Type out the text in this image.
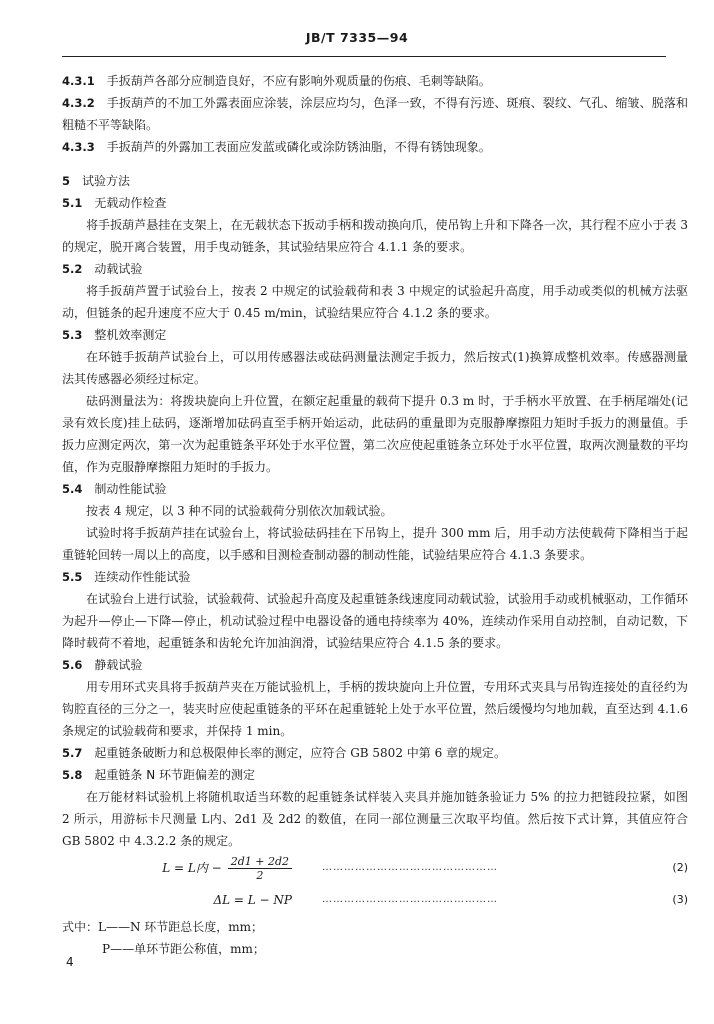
JB/T 7335—94

4.3.1 手扳葫芦各部分应制造良好，不应有影响外观质量的伤痕、毛刺等缺陷。

4.3.2 手扳葫芦的不加工外露表面应涂装，涂层应均匀，色泽一致，不得有污迹、斑痕、裂纹、气孔、缩皱、脱落和粗糙不平等缺陷。

4.3.3 手扳葫芦的外露加工表面应发蓝或磷化或涂防锈油脂，不得有锈蚀现象。

5 试验方法

5.1 无载动作检查

将手扳葫芦悬挂在支架上，在无载状态下扳动手柄和拨动换向爪，使吊钩上升和下降各一次，其行程不应小于表 3 的规定，脱开离合装置，用手曳动链条，其试验结果应符合 4.1.1 条的要求。

5.2 动载试验

将手扳葫芦置于试验台上，按表 2 中规定的试验载荷和表 3 中规定的试验起升高度，用手动或类似的机械方法驱动，但链条的起升速度不应大于 0.45 m/min，试验结果应符合 4.1.2 条的要求。

5.3 整机效率测定

在环链手扳葫芦试验台上，可以用传感器法或砝码测量法测定手扳力，然后按式(1)换算成整机效率。传感器测量法其传感器必须经过标定。

砝码测量法为：将拨块旋向上升位置，在额定起重量的载荷下提升 0.3 m 时，于手柄水平放置、在手柄尾端处(记录有效长度)挂上砝码，逐渐增加砝码直至手柄开始运动，此砝码的重量即为克服静摩擦阻力矩时手扳力的测量值。手扳力应测定两次，第一次为起重链条平环处于水平位置，第二次应使起重链条立环处于水平位置，取两次测量数的平均值，作为克服静摩擦阻力矩时的手扳力。

5.4 制动性能试验

按表 4 规定，以 3 种不同的试验载荷分别依次加载试验。

试验时将手扳葫芦挂在试验台上，将试验砝码挂在下吊钩上，提升 300 mm 后，用手动方法使载荷下降相当于起重链轮回转一周以上的高度，以手感和目测检查制动器的制动性能，试验结果应符合 4.1.3 条要求。

5.5 连续动作性能试验

在试验台上进行试验，试验载荷、试验起升高度及起重链条线速度同动载试验，试验用手动或机械驱动，工作循环为起升—停止—下降—停止，机动试验过程中电器设备的通电持续率为 40%，连续动作采用自动控制，自动记数，下降时载荷不着地，起重链条和齿轮允许加油润滑，试验结果应符合 4.1.5 条的要求。

5.6 静载试验

用专用环式夹具将手扳葫芦夹在万能试验机上，手柄的拨块旋向上升位置，专用环式夹具与吊钩连接处的直径约为钩腔直径的三分之一，装夹时应使起重链条的平环在起重链轮上处于水平位置，然后缓慢均匀地加载，直至达到 4.1.6 条规定的试验载荷和要求，并保持 1 min。

5.7 起重链条破断力和总极限伸长率的测定，应符合 GB 5802 中第 6 章的规定。

5.8 起重链条 N 环节距偏差的测定

在万能材料试验机上将随机取适当环数的起重链条试样装入夹具并施加链条验证力 5% 的拉力把链段拉紧，如图 2 所示，用游标卡尺测量 L内、2d1 及 2d2 的数值，在同一部位测量三次取平均值。然后按下式计算，其值应符合 GB 5802 中 4.3.2.2 条的规定。

L = L内 − $\frac{2d1 + 2d2}{2}$	…………………………………………	(2)
ΔL = L − NP	…………………………………………	(3)

式中：L——N 环节距总长度，mm；

P——单环节距公称值，mm；

4
